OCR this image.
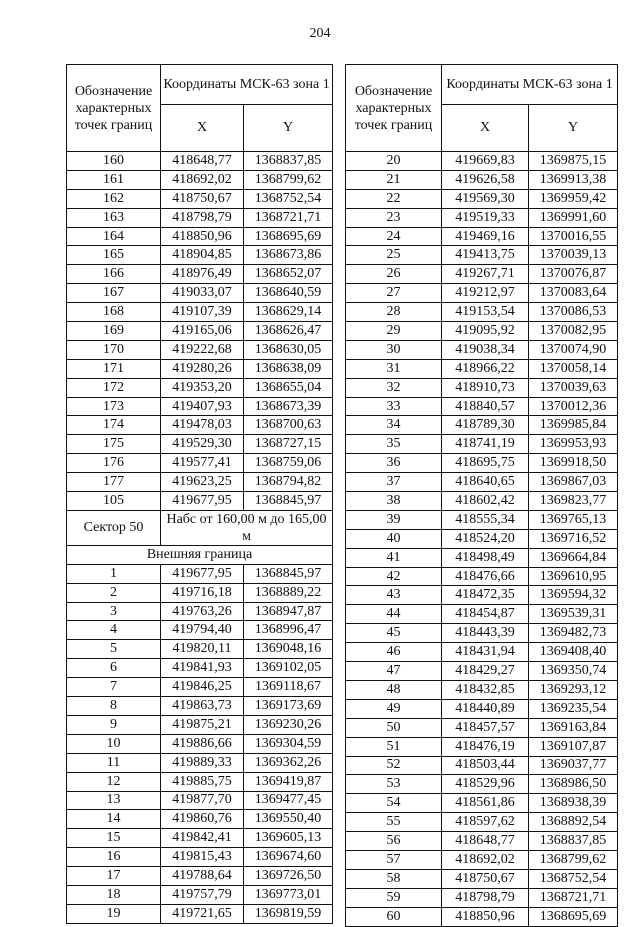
204
Обозначение характерных точек границ	Координаты МСК-63 зона 1	
	X	Y
160	418648,77	1368837,85
161	418692,02	1368799,62
162	418750,67	1368752,54
163	418798,79	1368721,71
164	418850,96	1368695,69
165	418904,85	1368673,86
166	418976,49	1368652,07
167	419033,07	1368640,59
168	419107,39	1368629,14
169	419165,06	1368626,47
170	419222,68	1368630,05
171	419280,26	1368638,09
172	419353,20	1368655,04
173	419407,93	1368673,39
174	419478,03	1368700,63
175	419529,30	1368727,15
176	419577,41	1368759,06
177	419623,25	1368794,82
105	419677,95	1368845,97
Сектор 50	Набс от 160,00 м до 165,00 м	

Внешняя граница		
1	419677,95	1368845,97
2	419716,18	1368889,22
3	419763,26	1368947,87
4	419794,40	1368996,47
5	419820,11	1369048,16
6	419841,93	1369102,05
7	419846,25	1369118,67
8	419863,73	1369173,69
9	419875,21	1369230,26
10	419886,66	1369304,59
11	419889,33	1369362,26
12	419885,75	1369419,87
13	419877,70	1369477,45
14	419860,76	1369550,40
15	419842,41	1369605,13
16	419815,43	1369674,60
17	419788,64	1369726,50
18	419757,79	1369773,01
19	419721,65	1369819,59
Обозначение характерных точек границ	Координаты МСК-63 зона 1	
	X	Y
20	419669,83	1369875,15
21	419626,58	1369913,38
22	419569,30	1369959,42
23	419519,33	1369991,60
24	419469,16	1370016,55
25	419413,75	1370039,13
26	419267,71	1370076,87
27	419212,97	1370083,64
28	419153,54	1370086,53
29	419095,92	1370082,95
30	419038,34	1370074,90
31	418966,22	1370058,14
32	418910,73	1370039,63
33	418840,57	1370012,36
34	418789,30	1369985,84
35	418741,19	1369953,93
36	418695,75	1369918,50
37	418640,65	1369867,03
38	418602,42	1369823,77
39	418555,34	1369765,13
40	418524,20	1369716,52
41	418498,49	1369664,84
42	418476,66	1369610,95
43	418472,35	1369594,32
44	418454,87	1369539,31
45	418443,39	1369482,73
46	418431,94	1369408,40
47	418429,27	1369350,74
48	418432,85	1369293,12
49	418440,89	1369235,54
50	418457,57	1369163,84
51	418476,19	1369107,87
52	418503,44	1369037,77
53	418529,96	1368986,50
54	418561,86	1368938,39
55	418597,62	1368892,54
56	418648,77	1368837,85
57	418692,02	1368799,62
58	418750,67	1368752,54
59	418798,79	1368721,71
60	418850,96	1368695,69
